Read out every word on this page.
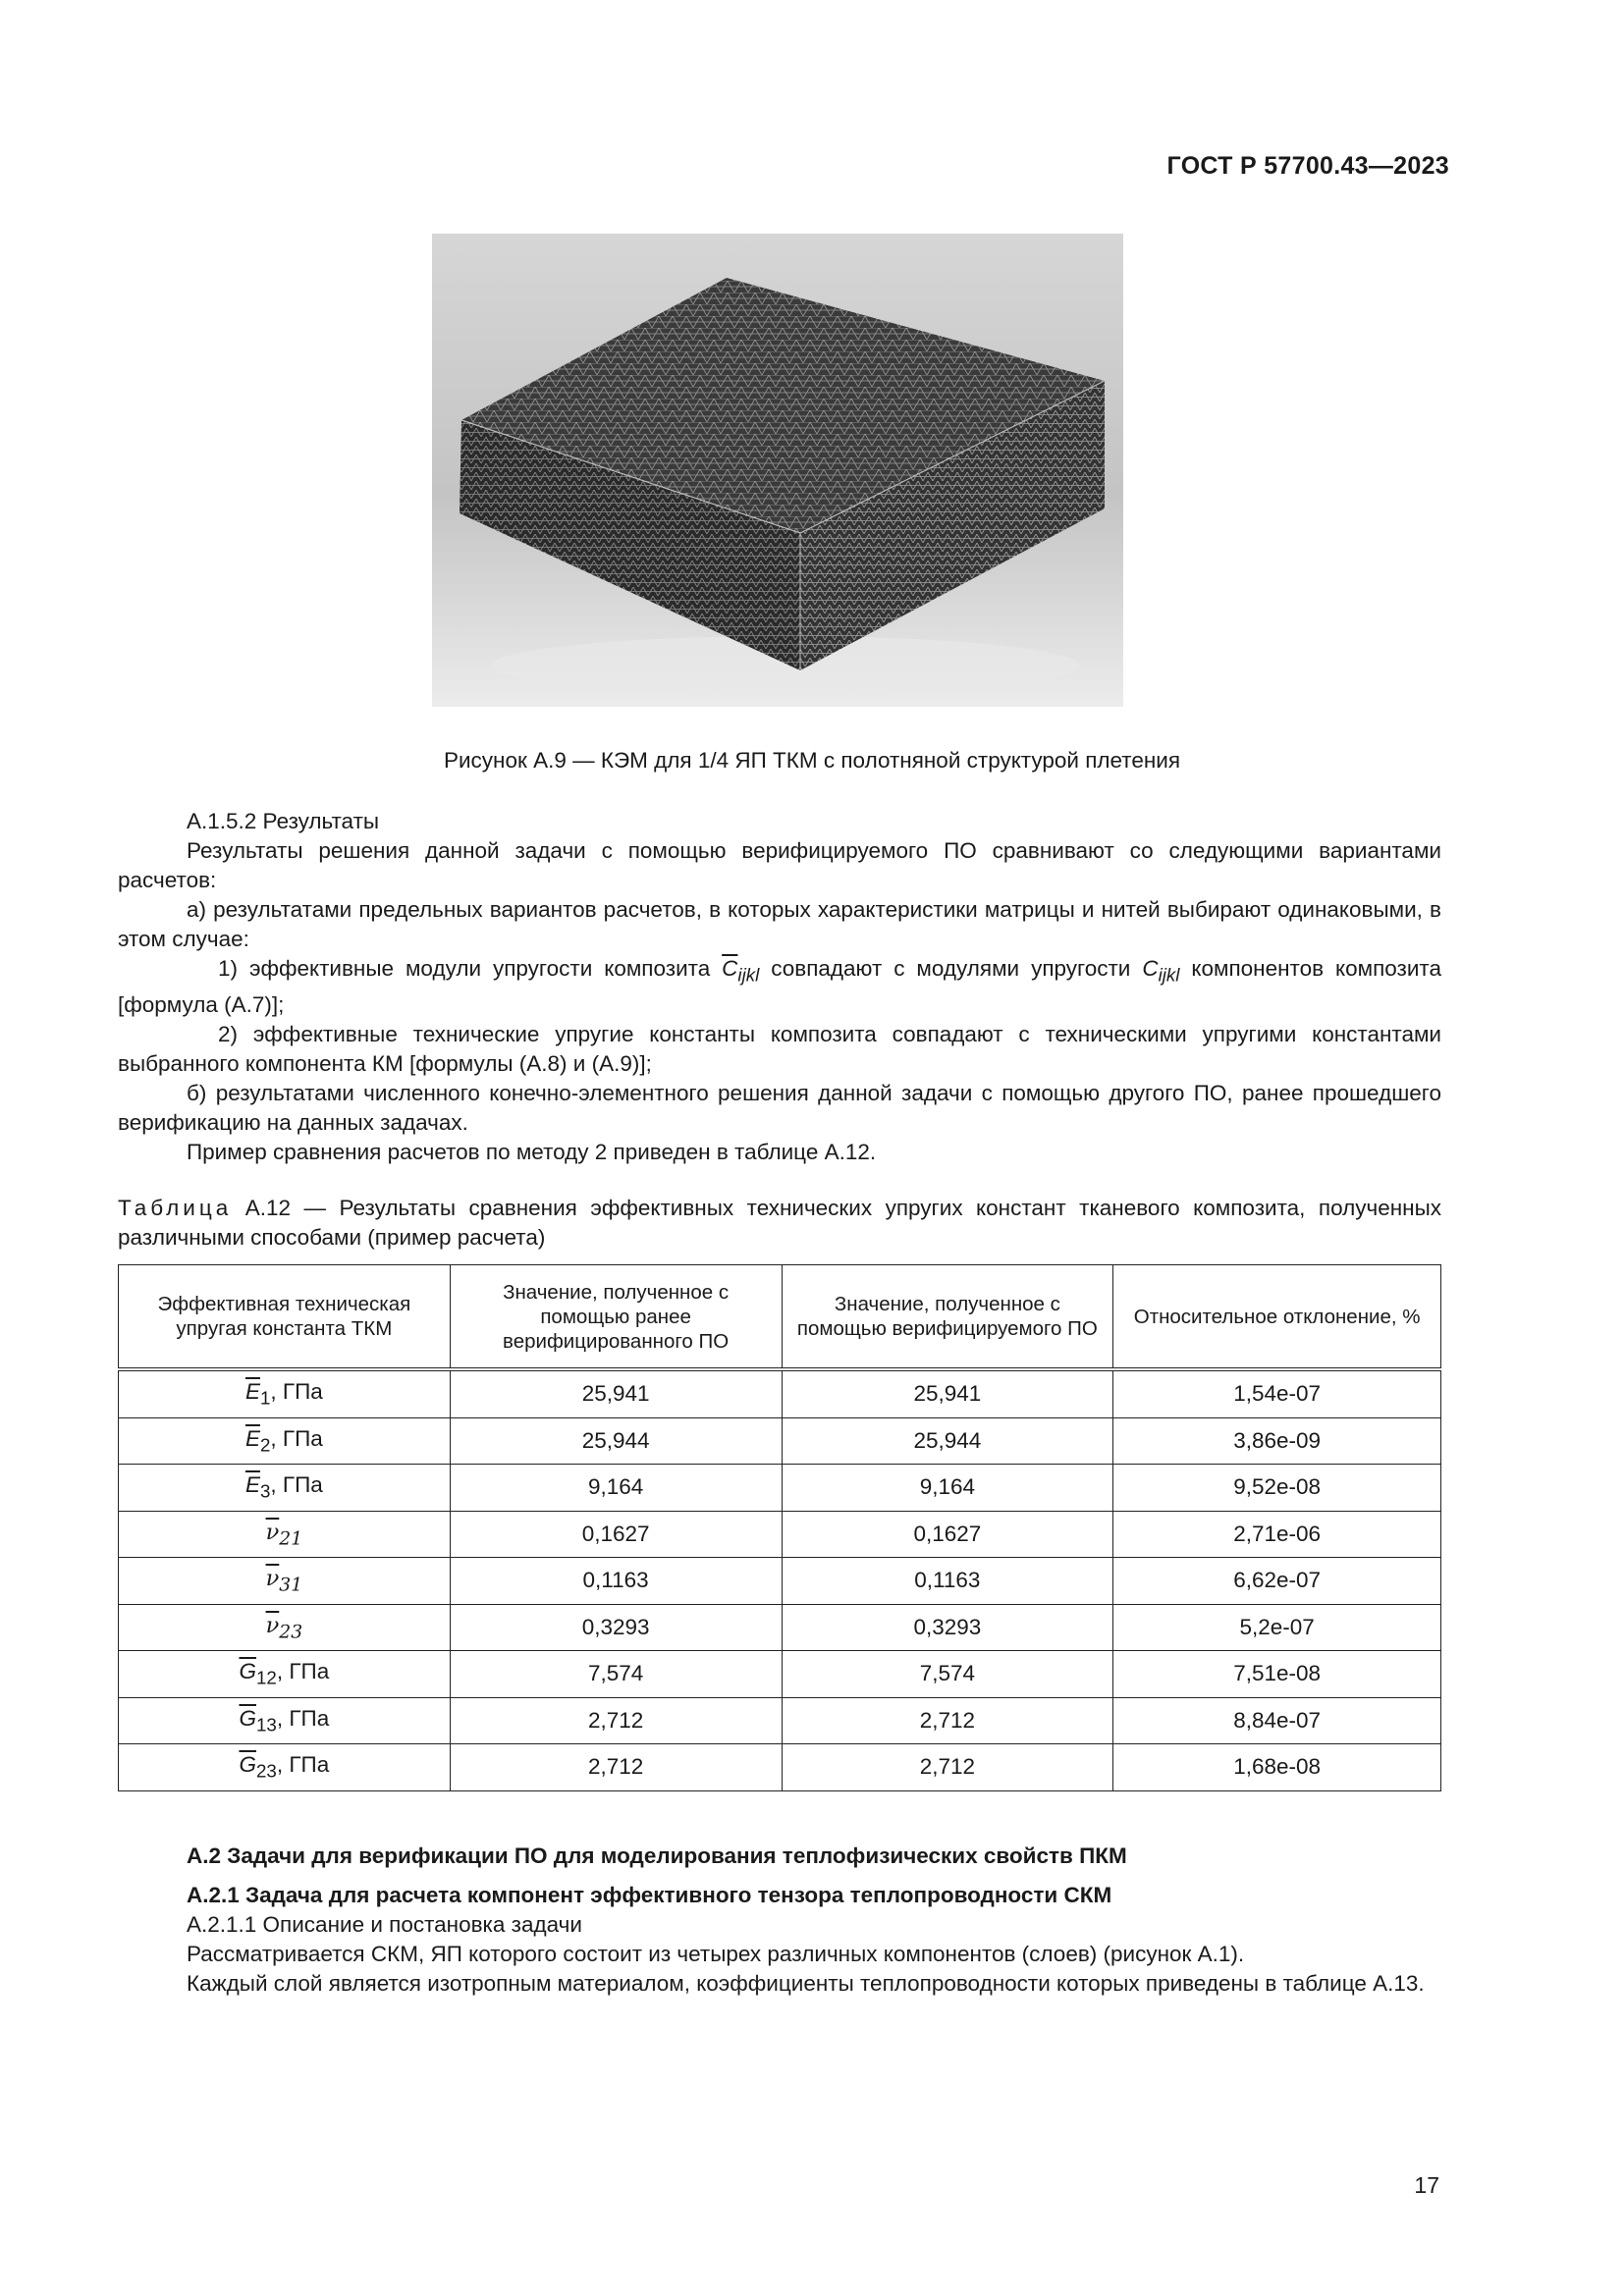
ГОСТ Р 57700.43—2023
Рисунок А.9 — КЭМ для 1/4 ЯП ТКМ с полотняной структурой плетения

А.1.5.2 Результаты

Результаты решения данной задачи с помощью верифицируемого ПО сравнивают со следующими вариантами расчетов:

а) результатами предельных вариантов расчетов, в которых характеристики матрицы и нитей выбирают одинаковыми, в этом случае:

1) эффективные модули упругости композита $\overline{C}_{ijkl}$ совпадают с модулями упругости $C_{ijkl}$ компонентов композита [формула (А.7)];

2) эффективные технические упругие константы композита совпадают с техническими упругими константами выбранного компонента КМ [формулы (А.8) и (А.9)];

б) результатами численного конечно-элементного решения данной задачи с помощью другого ПО, ранее прошедшего верификацию на данных задачах.

Пример сравнения расчетов по методу 2 приведен в таблице А.12.

Таблица А.12 — Результаты сравнения эффективных технических упругих констант тканевого композита, полученных различными способами (пример расчета)

Эффективная техническая упругая константа ТКМ	Значение, полученное с помощью ранее верифицированного ПО	Значение, полученное с помощью верифицируемого ПО	Относительное отклонение, %
$\overline{E}_1$, ГПа	25,941	25,941	1,54e-07
$\overline{E}_2$, ГПа	25,944	25,944	3,86e-09
$\overline{E}_3$, ГПа	9,164	9,164	9,52e-08
$\overline{\nu}_{21}$	0,1627	0,1627	2,71e-06
$\overline{\nu}_{31}$	0,1163	0,1163	6,62e-07
$\overline{\nu}_{23}$	0,3293	0,3293	5,2e-07
$\overline{G}_{12}$, ГПа	7,574	7,574	7,51e-08
$\overline{G}_{13}$, ГПа	2,712	2,712	8,84e-07
$\overline{G}_{23}$, ГПа	2,712	2,712	1,68e-08

А.2 Задачи для верификации ПО для моделирования теплофизических свойств ПКМ

А.2.1 Задача для расчета компонент эффективного тензора теплопроводности СКМ

А.2.1.1 Описание и постановка задачи

Рассматривается СКМ, ЯП которого состоит из четырех различных компонентов (слоев) (рисунок А.1).

Каждый слой является изотропным материалом, коэффициенты теплопроводности которых приведены в таблице А.13.

17
